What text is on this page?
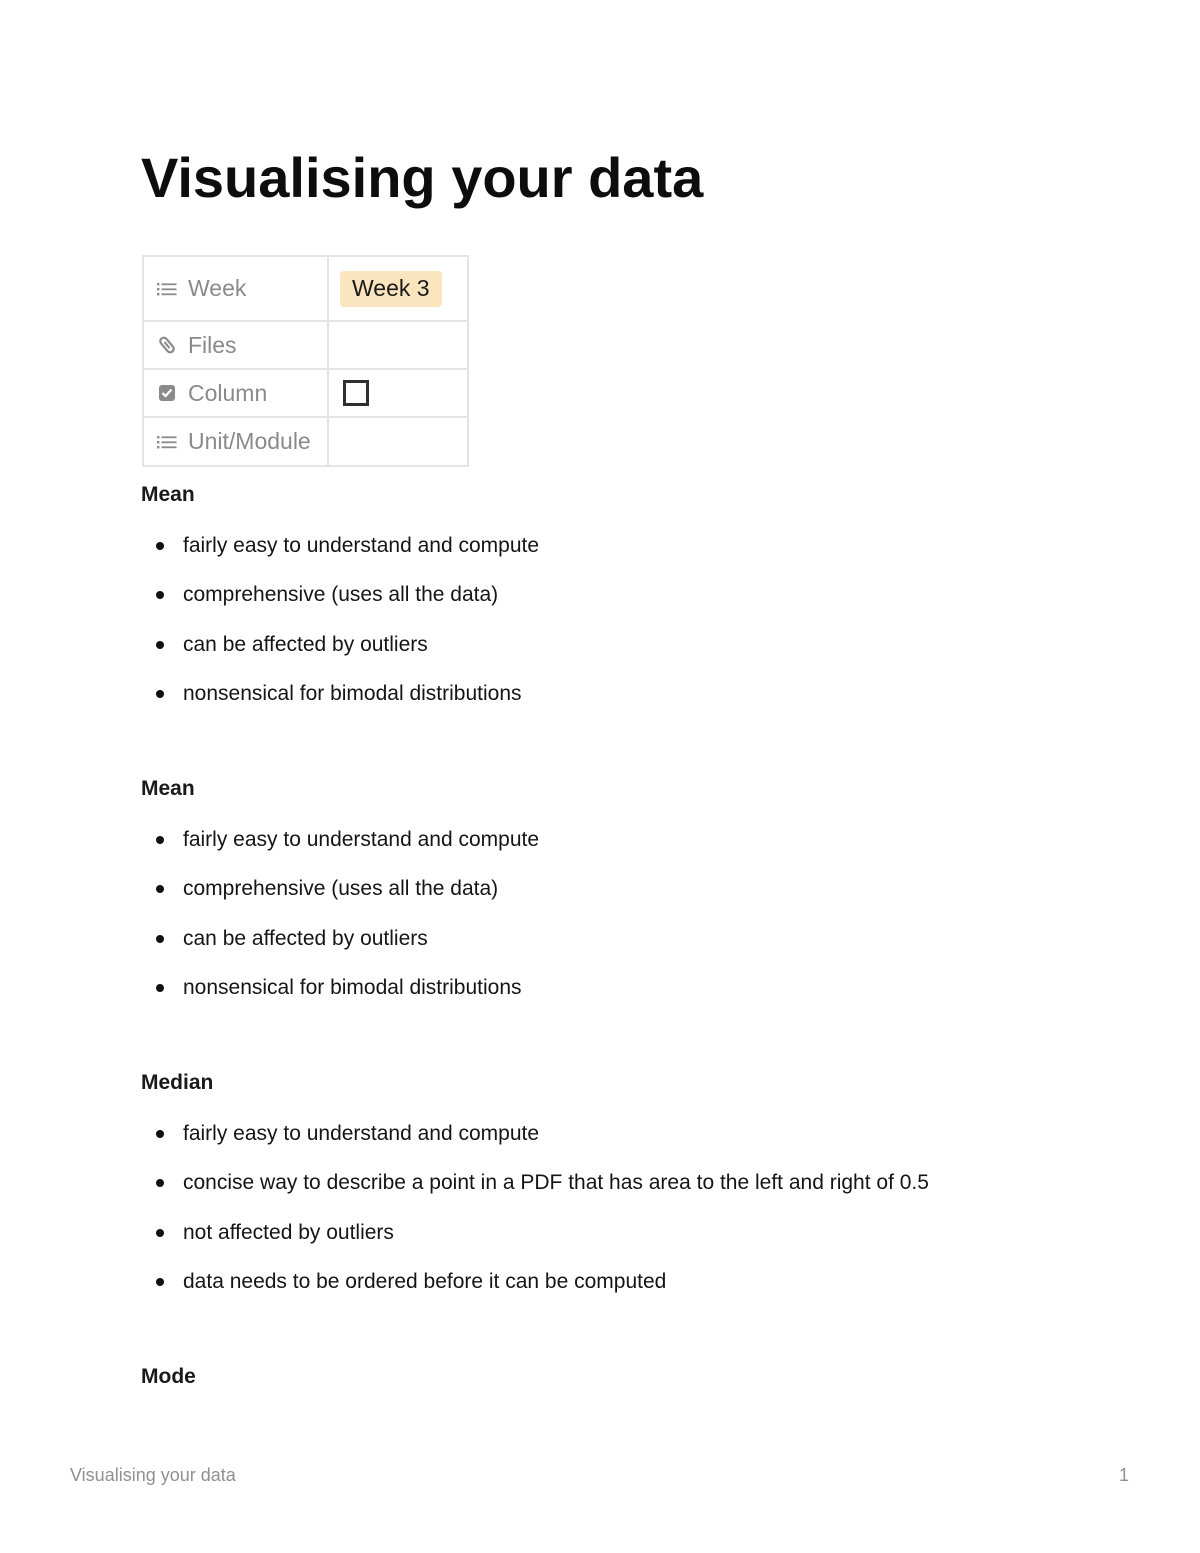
Visualising your data
Week	Week 3

Files	

Column	

Unit/Module	

Mean
fairly easy to understand and compute
comprehensive (uses all the data)
can be affected by outliers
nonsensical for bimodal distributions
Mean
fairly easy to understand and compute
comprehensive (uses all the data)
can be affected by outliers
nonsensical for bimodal distributions
Median
fairly easy to understand and compute
concise way to describe a point in a PDF that has area to the left and right of 0.5
not affected by outliers
data needs to be ordered before it can be computed
Mode
Visualising your data	1
